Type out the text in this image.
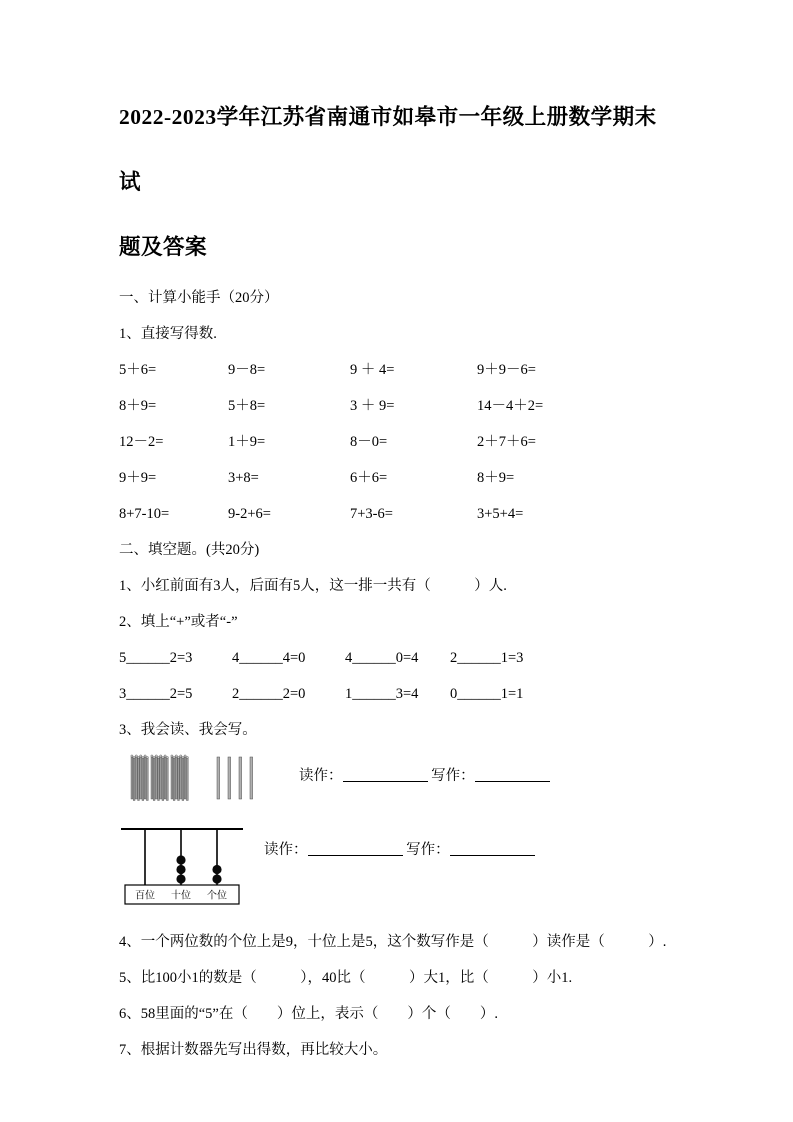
2022-2023学年江苏省南通市如皋市一年级上册数学期末试
题及答案

一、计算小能手（20分）

1、直接写得数.

5＋6=	9－8=	9 ＋ 4=	9＋9－6=
8＋9=	5＋8=	3 ＋ 9=	14－4＋2=
12－2=	1＋9=	8－0=	2＋7＋6=
9＋9=	3+8=	6＋6=	8＋9=
8+7-10=	9-2+6=	7+3-6=	3+5+4=

二、填空题。(共20分)

1、小红前面有3人，后面有5人，这一排一共有（　　　）人.

2、填上“+”或者“-”

5______2=3	4______4=0	4______0=4	2______1=3
3______2=5	2______2=0	1______3=4	0______1=1

3、我会读、我会写。

读作：	写作：
百位 十位 个位
读作：	写作：

4、一个两位数的个位上是9，十位上是5，这个数写作是（　　　）读作是（　　　）.

5、比100小1的数是（　　　），40比（　　　）大1，比（　　　）小1.

6、58里面的“5”在（　　）位上，表示（　　）个（　　）.

7、根据计数器先写出得数，再比较大小。
